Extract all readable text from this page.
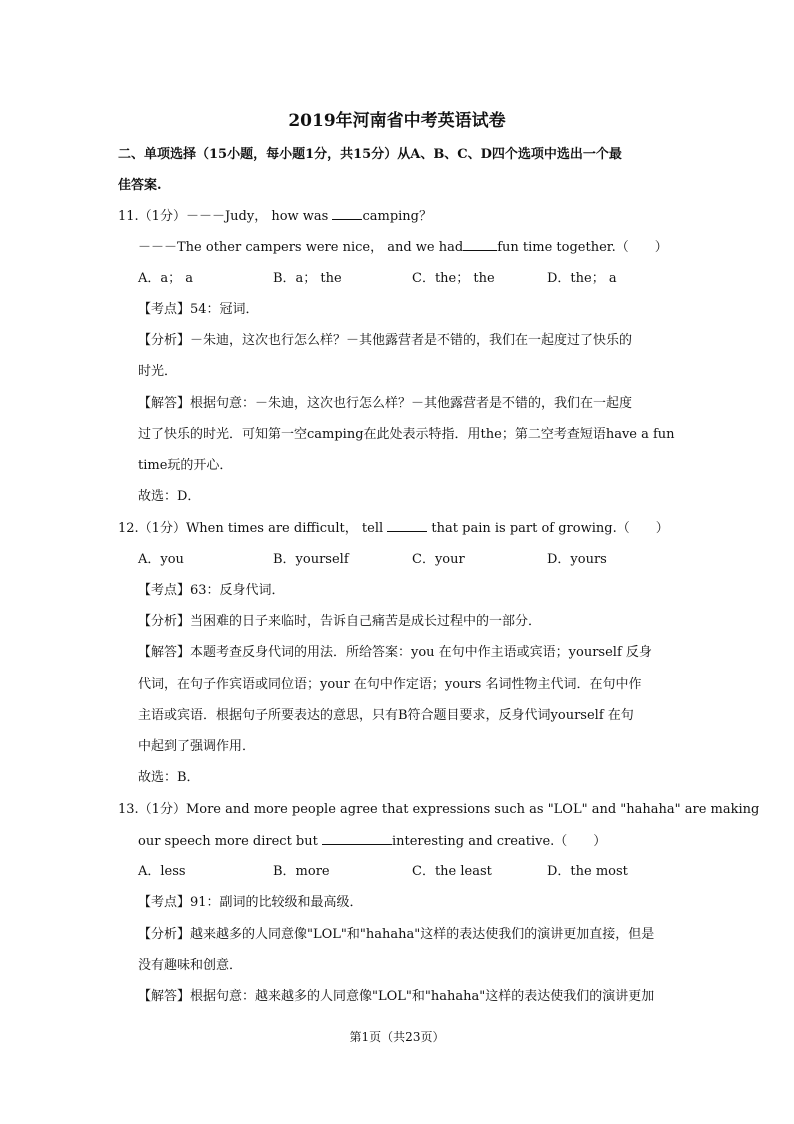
2019年河南省中考英语试卷
二、单项选择（15小题，每小题1分，共15分）从A、B、C、D四个选项中选出一个最
佳答案.
11.（1分）－－－Judy， how was camping？
－－－The other campers were nice， and we had	fun time together.（　　）
A．a； a	B．a； the	C．the； the	D．the； a
【考点】54：冠词．
【分析】－朱迪，这次也行怎么样？－其他露营者是不错的，我们在一起度过了快乐的
时光．
【解答】根据句意：－朱迪，这次也行怎么样？－其他露营者是不错的，我们在一起度
过了快乐的时光．可知第一空camping在此处表示特指．用the；第二空考查短语have a fun
time玩的开心．
故选：D．
12.（1分）When times are difficult， tell	that pain is part of growing.（　　）
A．you	B．yourself	C．your	D．yours
【考点】63：反身代词．
【分析】当困难的日子来临时，告诉自己痛苦是成长过程中的一部分．
【解答】本题考查反身代词的用法．所给答案：you 在句中作主语或宾语；yourself 反身
代词，在句子作宾语或同位语；your 在句中作定语；yours 名词性物主代词．在句中作
主语或宾语．根据句子所要表达的意思，只有B符合题目要求，反身代词yourself 在句
中起到了强调作用．
故选：B．
13.（1分）More and more people agree that expressions such as "LOL" and "hahaha" are making
our speech more direct but	interesting and creative.（　　）
A．less	B．more	C．the least	D．the most
【考点】91：副词的比较级和最高级．
【分析】越来越多的人同意像"LOL"和"hahaha"这样的表达使我们的演讲更加直接，但是
没有趣味和创意．
【解答】根据句意：越来越多的人同意像"LOL"和"hahaha"这样的表达使我们的演讲更加
第1页（共23页）
